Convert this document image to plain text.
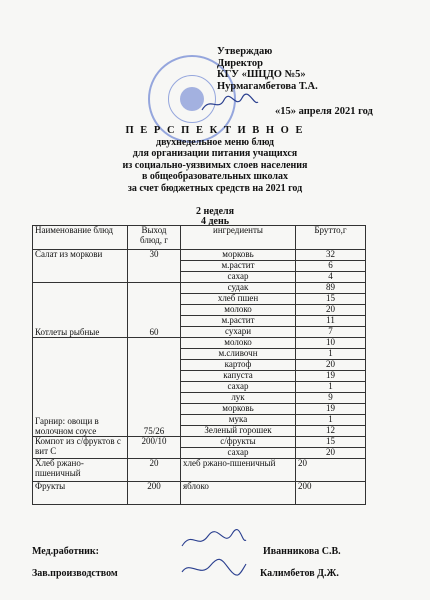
Утверждаю
Директор
КГУ «ШЦДО №5»
Нурмагамбетова Т.А.
«15» апреля 2021 год
П Е Р С П Е К Т И В Н О Е
двухнедельное меню блюд
для организации питания учащихся
из социально-уязвимых слоев населения
в общеобразовательных школах
за счет бюджетных средств на 2021 год
2 неделя
4 день
Наименование блюд	Выход блюд, г	ингредиенты	Брутто,г
Салат из моркови	30	морковь	32
		м.растит	6
		сахар	4
Котлеты рыбные	60	судак	89
		хлеб пшен	15
		молоко	20
		м.растит	11
		сухари	7
Гарнир: овощи в молочном соусе	75/26	молоко	10
		м.сливочн	1
		картоф	20
		капуста	19
		сахар	1
		лук	9
		морковь	19
		мука	1
		Зеленый горошек	12
Компот из с/фруктов с вит С	200/10	с/фрукты	15
		сахар	20
Хлеб ржано-пшеничный	20	хлеб ржано-пшеничный	20
Фрукты	200	яблоко	200
Мед.работник:	Иванникова С.В.
Зав.производством	Калимбетов Д.Ж.
